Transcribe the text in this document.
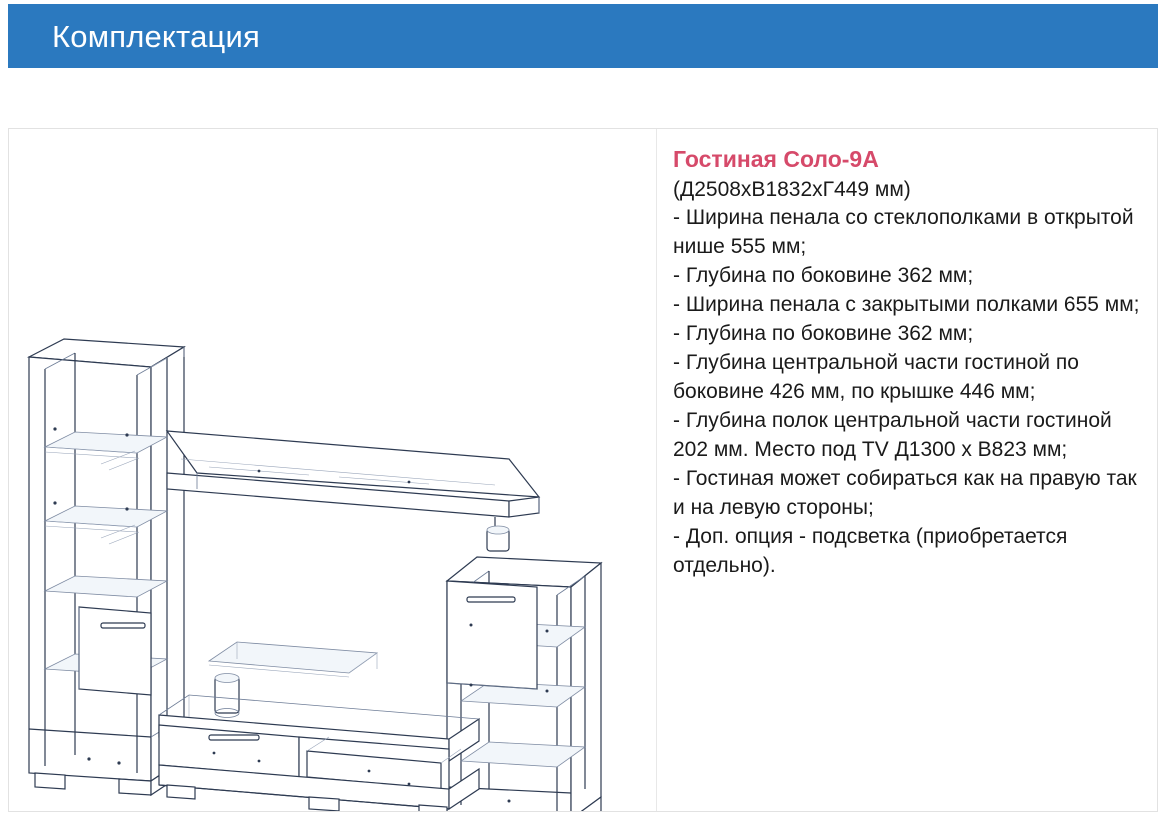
Комплектация
Гостиная Соло-9А
(Д2508хВ1832хГ449 мм)
- Ширина пенала со стеклополками в открытой нише 555 мм;
- Глубина по боковине 362 мм;
- Ширина пенала с закрытыми полками 655 мм;
- Глубина по боковине 362 мм;
- Глубина центральной части гостиной по боковине 426 мм, по крышке 446 мм;
- Глубина полок центральной части гостиной 202 мм. Место под TV Д1300 х В823 мм;
- Гостиная может собираться как на правую так и на левую стороны;
- Доп. опция - подсветка (приобретается отдельно).
